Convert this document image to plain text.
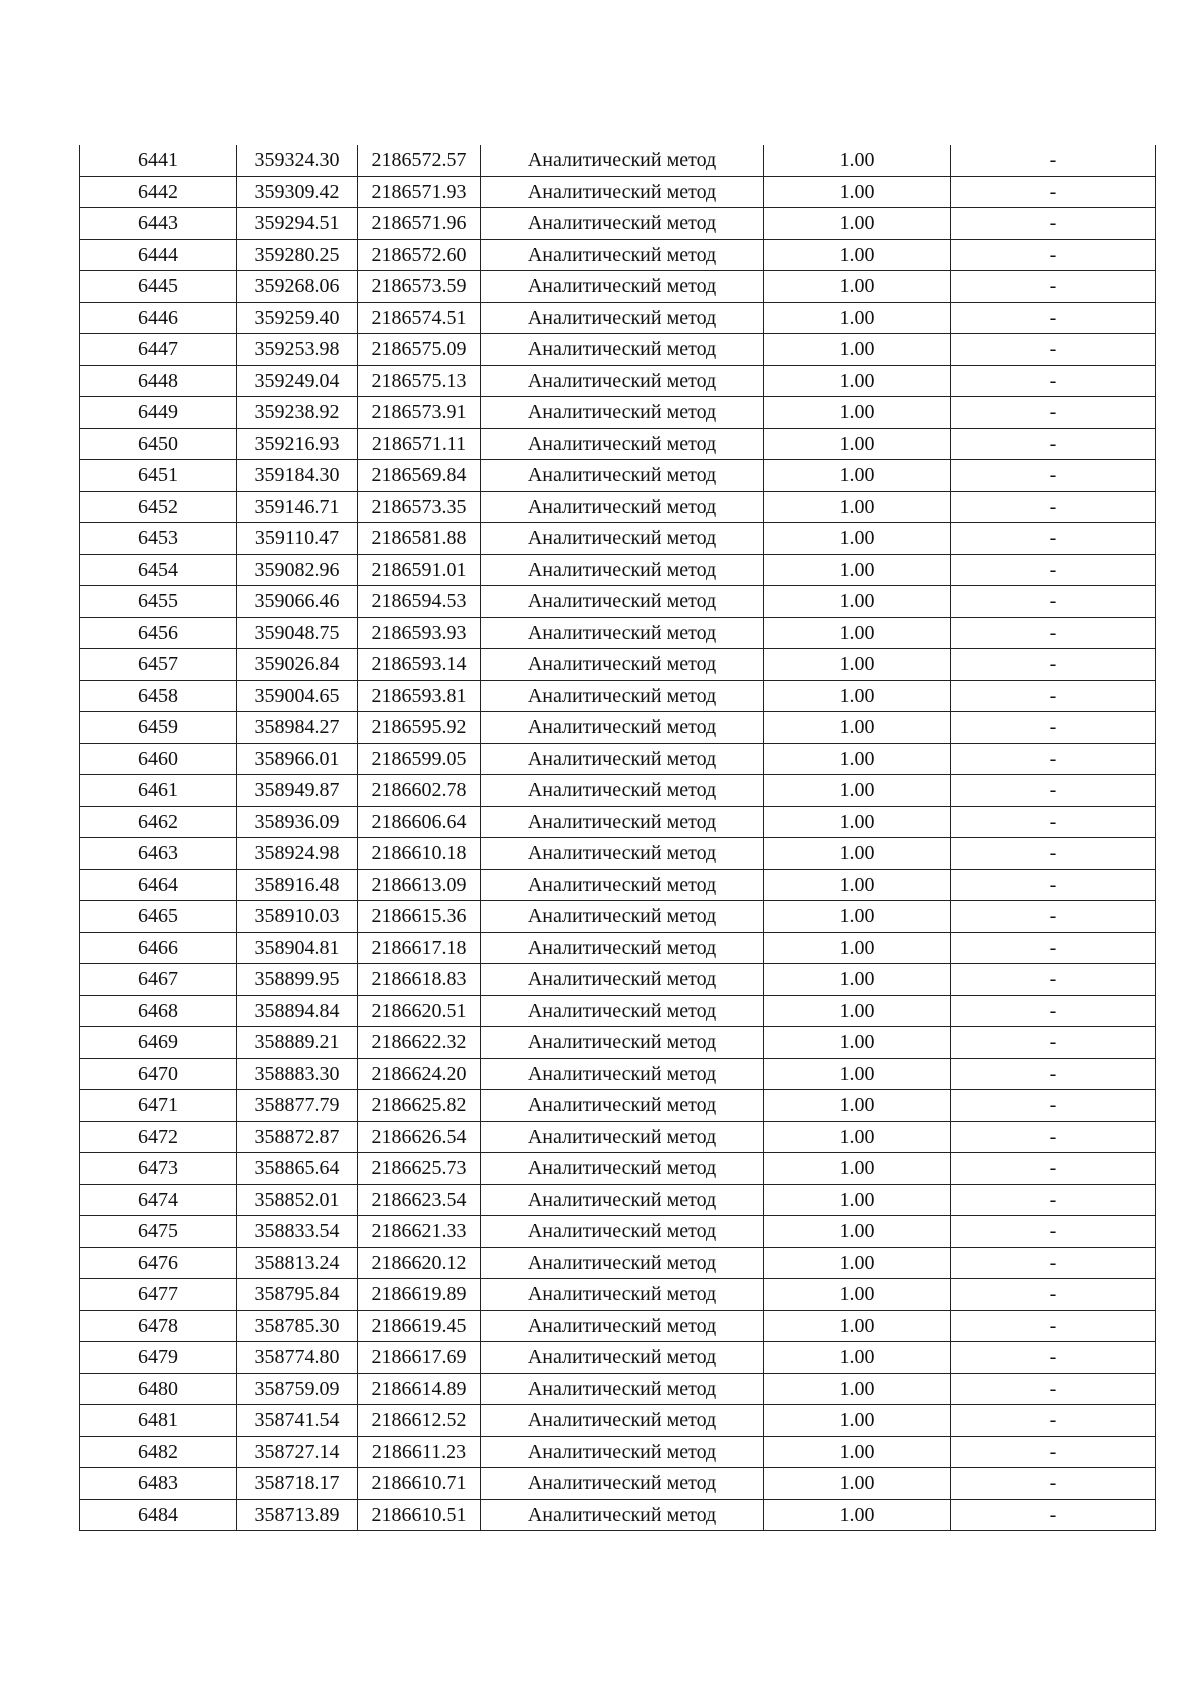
6441	359324.30	2186572.57	Аналитический метод	1.00	-
6442	359309.42	2186571.93	Аналитический метод	1.00	-
6443	359294.51	2186571.96	Аналитический метод	1.00	-
6444	359280.25	2186572.60	Аналитический метод	1.00	-
6445	359268.06	2186573.59	Аналитический метод	1.00	-
6446	359259.40	2186574.51	Аналитический метод	1.00	-
6447	359253.98	2186575.09	Аналитический метод	1.00	-
6448	359249.04	2186575.13	Аналитический метод	1.00	-
6449	359238.92	2186573.91	Аналитический метод	1.00	-
6450	359216.93	2186571.11	Аналитический метод	1.00	-
6451	359184.30	2186569.84	Аналитический метод	1.00	-
6452	359146.71	2186573.35	Аналитический метод	1.00	-
6453	359110.47	2186581.88	Аналитический метод	1.00	-
6454	359082.96	2186591.01	Аналитический метод	1.00	-
6455	359066.46	2186594.53	Аналитический метод	1.00	-
6456	359048.75	2186593.93	Аналитический метод	1.00	-
6457	359026.84	2186593.14	Аналитический метод	1.00	-
6458	359004.65	2186593.81	Аналитический метод	1.00	-
6459	358984.27	2186595.92	Аналитический метод	1.00	-
6460	358966.01	2186599.05	Аналитический метод	1.00	-
6461	358949.87	2186602.78	Аналитический метод	1.00	-
6462	358936.09	2186606.64	Аналитический метод	1.00	-
6463	358924.98	2186610.18	Аналитический метод	1.00	-
6464	358916.48	2186613.09	Аналитический метод	1.00	-
6465	358910.03	2186615.36	Аналитический метод	1.00	-
6466	358904.81	2186617.18	Аналитический метод	1.00	-
6467	358899.95	2186618.83	Аналитический метод	1.00	-
6468	358894.84	2186620.51	Аналитический метод	1.00	-
6469	358889.21	2186622.32	Аналитический метод	1.00	-
6470	358883.30	2186624.20	Аналитический метод	1.00	-
6471	358877.79	2186625.82	Аналитический метод	1.00	-
6472	358872.87	2186626.54	Аналитический метод	1.00	-
6473	358865.64	2186625.73	Аналитический метод	1.00	-
6474	358852.01	2186623.54	Аналитический метод	1.00	-
6475	358833.54	2186621.33	Аналитический метод	1.00	-
6476	358813.24	2186620.12	Аналитический метод	1.00	-
6477	358795.84	2186619.89	Аналитический метод	1.00	-
6478	358785.30	2186619.45	Аналитический метод	1.00	-
6479	358774.80	2186617.69	Аналитический метод	1.00	-
6480	358759.09	2186614.89	Аналитический метод	1.00	-
6481	358741.54	2186612.52	Аналитический метод	1.00	-
6482	358727.14	2186611.23	Аналитический метод	1.00	-
6483	358718.17	2186610.71	Аналитический метод	1.00	-
6484	358713.89	2186610.51	Аналитический метод	1.00	-
